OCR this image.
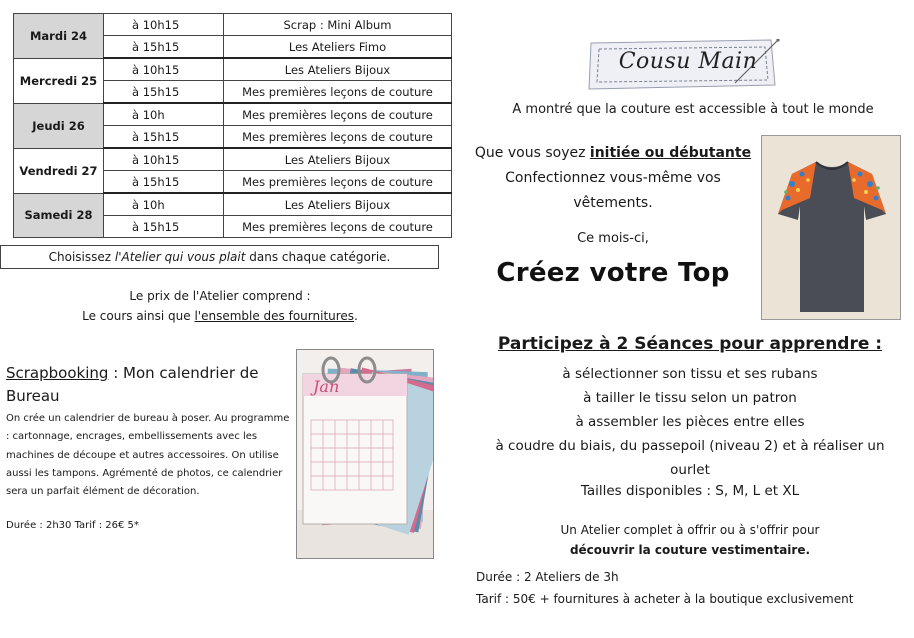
Mardi 24	à 10h15	Scrap : Mini Album
	à 15h15	Les Ateliers Fimo
Mercredi 25	à 10h15	Les Ateliers Bijoux
	à 15h15	Mes premières leçons de couture
Jeudi 26	à 10h	Mes premières leçons de couture
	à 15h15	Mes premières leçons de couture
Vendredi 27	à 10h15	Les Ateliers Bijoux
	à 15h15	Mes premières leçons de couture
Samedi 28	à 10h	Les Ateliers Bijoux
	à 15h15	Mes premières leçons de couture
Choisissez l'Atelier qui vous plait dans chaque catégorie.
Le prix de l'Atelier comprend :
Le cours ainsi que l'ensemble des fournitures.
Scrapbooking : Mon calendrier de Bureau
On crée un calendrier de bureau à poser. Au programme : cartonnage, encrages, embellissements avec les machines de découpe et autres accessoires. On utilise aussi les tampons. Agrémenté de photos, ce calendrier sera un parfait élément de décoration.
Durée : 2h30 Tarif : 26€ 5*
Jan
Cousu Main
A montré que la couture est accessible à tout le monde
Que vous soyez initiée ou débutante
Confectionnez vous-même vos
vêtements.
Ce mois-ci,
Créez votre Top
Participez à 2 Séances pour apprendre :
à sélectionner son tissu et ses rubans
à tailler le tissu selon un patron
à assembler les pièces entre elles
à coudre du biais, du passepoil (niveau 2) et à réaliser un
ourlet
Tailles disponibles : S, M, L et XL
Un Atelier complet à offrir ou à s'offrir pour
découvrir la couture vestimentaire.
Durée : 2 Ateliers de 3h
Tarif : 50€ + fournitures à acheter à la boutique exclusivement
